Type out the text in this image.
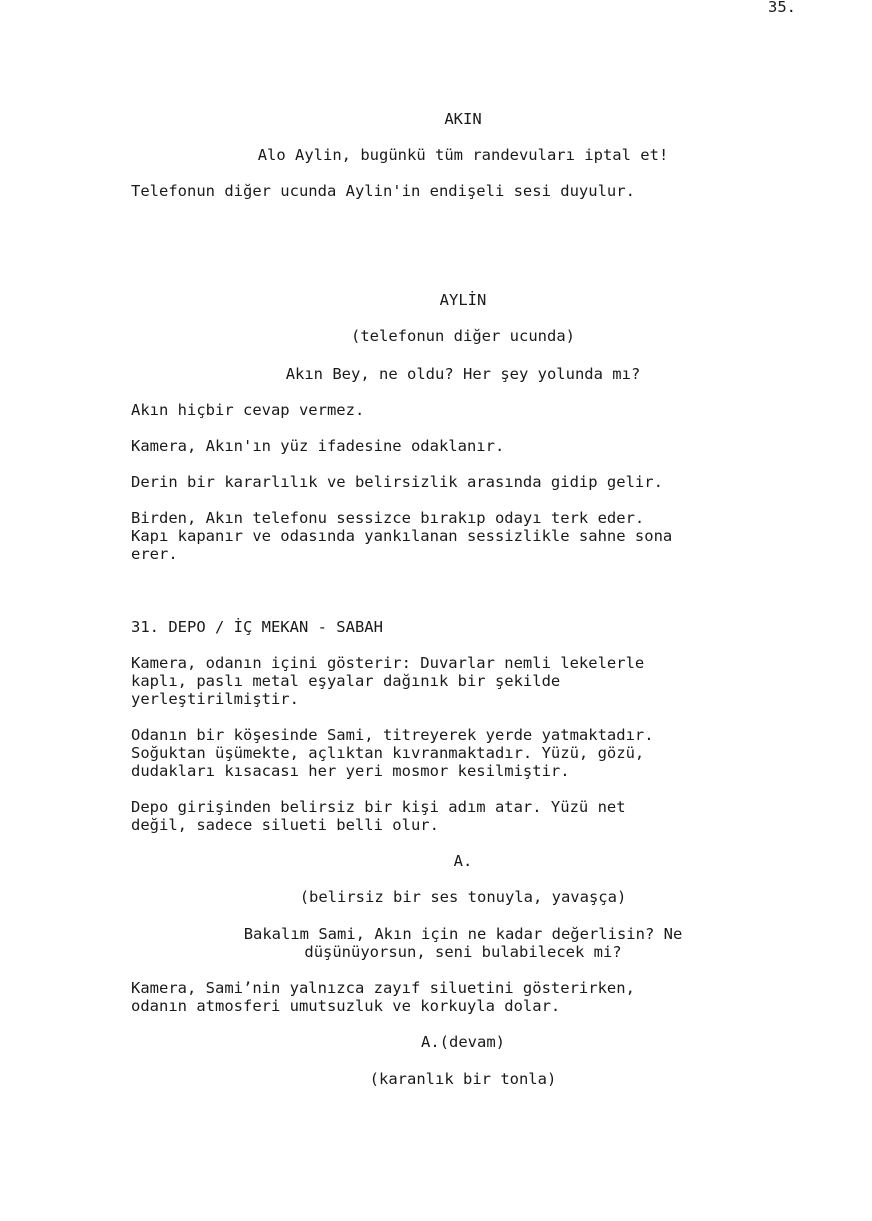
35.
AKIN
Alo Aylin, bugünkü tüm randevuları iptal et!
Telefonun diğer ucunda Aylin'in endişeli sesi duyulur.
AYLİN
(telefonun diğer ucunda)
Akın Bey, ne oldu? Her şey yolunda mı?
Akın hiçbir cevap vermez.
Kamera, Akın'ın yüz ifadesine odaklanır.
Derin bir kararlılık ve belirsizlik arasında gidip gelir.
Birden, Akın telefonu sessizce bırakıp odayı terk eder.
Kapı kapanır ve odasında yankılanan sessizlikle sahne sona
erer.
31. DEPO / İÇ MEKAN - SABAH
Kamera, odanın içini gösterir: Duvarlar nemli lekelerle
kaplı, paslı metal eşyalar dağınık bir şekilde
yerleştirilmiştir.
Odanın bir köşesinde Sami, titreyerek yerde yatmaktadır.
Soğuktan üşümekte, açlıktan kıvranmaktadır. Yüzü, gözü,
dudakları kısacası her yeri mosmor kesilmiştir.
Depo girişinden belirsiz bir kişi adım atar. Yüzü net
değil, sadece silueti belli olur.
A.
(belirsiz bir ses tonuyla, yavaşça)
Bakalım Sami, Akın için ne kadar değerlisin? Ne
düşünüyorsun, seni bulabilecek mi?
Kamera, Sami’nin yalnızca zayıf siluetini gösterirken,
odanın atmosferi umutsuzluk ve korkuyla dolar.
A.(devam)
(karanlık bir tonla)
